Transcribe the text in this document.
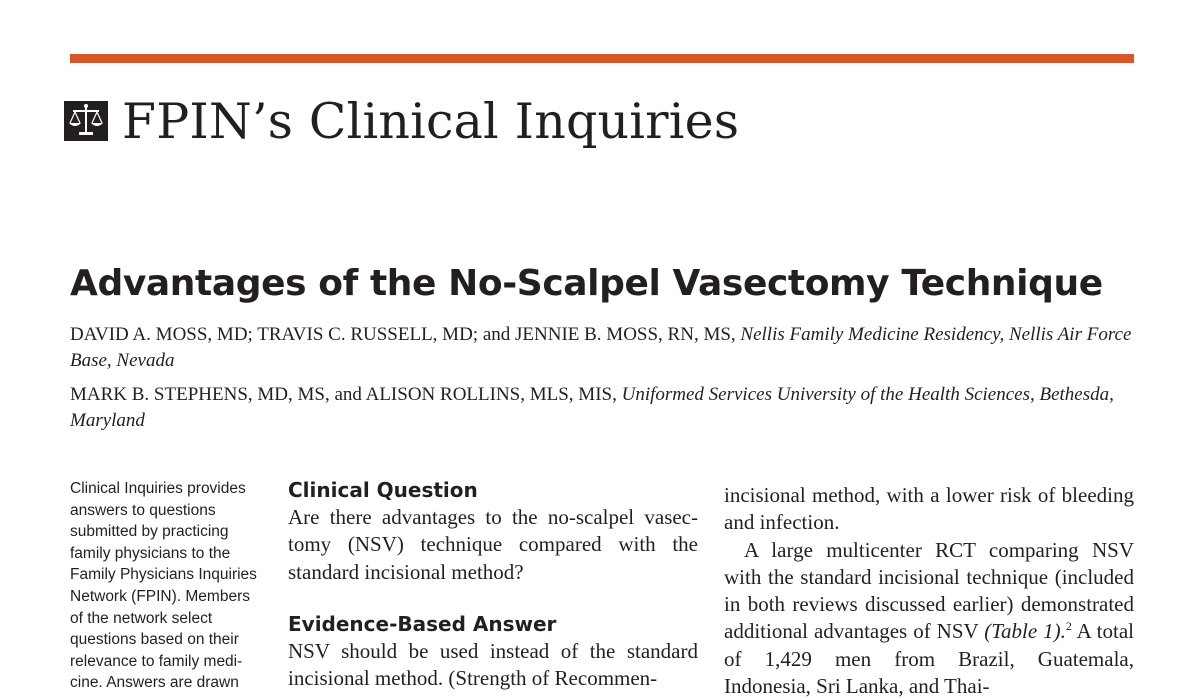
FPIN’s Clinical Inquiries
Advantages of the No-Scalpel Vasectomy Technique

DAVID A. MOSS, MD; TRAVIS C. RUSSELL, MD; and JENNIE B. MOSS, RN, MS, Nellis Family Medicine Residency, Nellis Air Force Base, Nevada

MARK B. STEPHENS, MD, MS, and ALISON ROLLINS, MLS, MIS, Uniformed Services University of the Health Sciences, Bethesda, Maryland

Clinical Inquiries provides answers to questions submitted by practicing family physicians to the Family Physicians Inquiries Network (FPIN). Members of the network select questions based on their relevance to family medi- cine. Answers are drawn

Clinical Question

Are there advantages to the no-scalpel vasec- tomy (NSV) technique compared with the standard incisional method?

Evidence-Based Answer

NSV should be used instead of the standard incisional method. (Strength of Recommen-

incisional method, with a lower risk of bleeding and infection.

A large multicenter RCT comparing NSV with the standard incisional technique (included in both reviews discussed earlier) demonstrated additional advantages of NSV (Table 1).$^2$ A total of 1,429 men from Brazil, Guatemala, Indonesia, Sri Lanka, and Thai-
